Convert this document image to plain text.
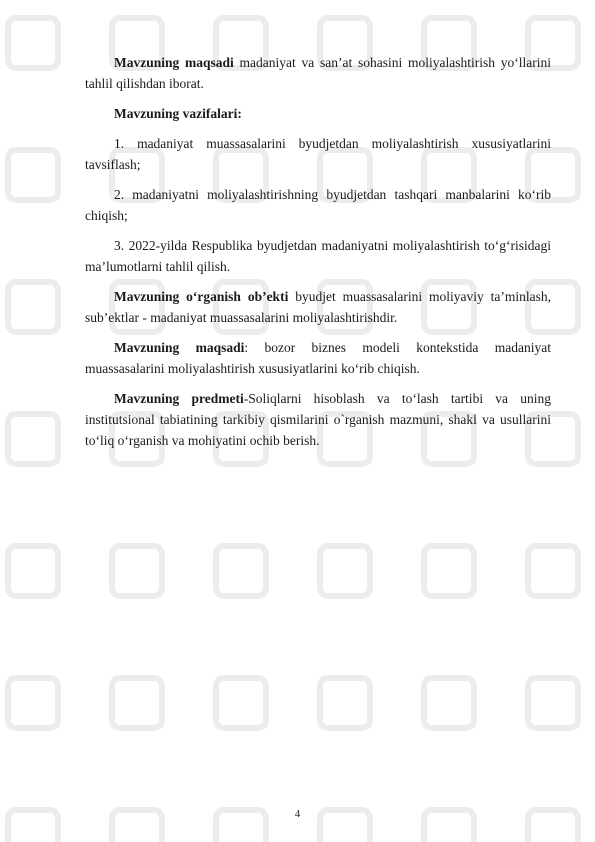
Mavzuning maqsadi madaniyat va san’at sohasini moliyalashtirish yo‘llarini tahlil qilishdan iborat.

Mavzuning vazifalari:

1. madaniyat muassasalarini byudjetdan moliyalashtirish xususiyatlarini tavsiflash;

2. madaniyatni moliyalashtirishning byudjetdan tashqari manbalarini ko‘rib chiqish;

3. 2022-yilda Respublika byudjetdan madaniyatni moliyalashtirish to‘g‘risidagi ma’lumotlarni tahlil qilish.

Mavzuning o‘rganish ob’ekti byudjet muassasalarini moliyaviy ta’minlash, sub’ektlar - madaniyat muassasalarini moliyalashtirishdir.

Mavzuning maqsadi: bozor biznes modeli kontekstida madaniyat muassasalarini moliyalashtirish xususiyatlarini ko‘rib chiqish.

Mavzuning predmeti-Soliqlarni hisoblash va to‘lash tartibi va uning institutsional tabiatining tarkibiy qismilarini o`rganish mazmuni, shakl va usullarini to‘liq o‘rganish va mohiyatini ochib berish.

4
